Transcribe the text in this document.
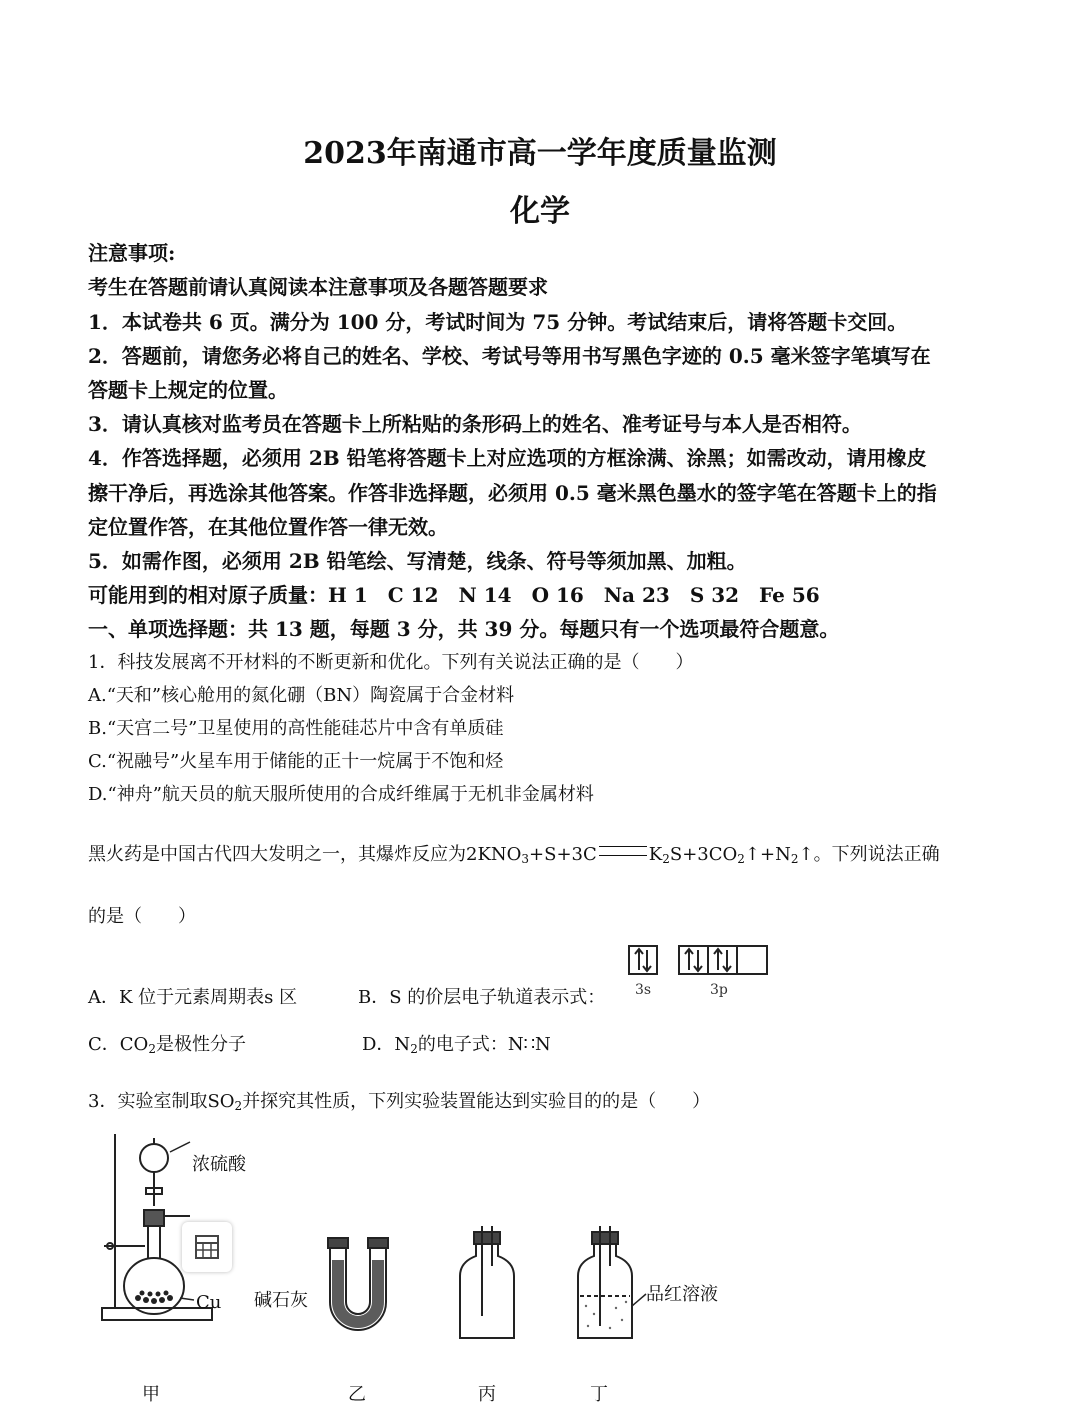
2023年南通市高一学年度质量监测
化学
注意事项:
考生在答题前请认真阅读本注意事项及各题答题要求
1．本试卷共 6 页。满分为 100 分，考试时间为 75 分钟。考试结束后，请将答题卡交回。
2．答题前，请您务必将自己的姓名、学校、考试号等用书写黑色字迹的 0.5 毫米签字笔填写在
答题卡上规定的位置。
3．请认真核对监考员在答题卡上所粘贴的条形码上的姓名、准考证号与本人是否相符。
4．作答选择题，必须用 2B 铅笔将答题卡上对应选项的方框涂满、涂黑；如需改动，请用橡皮
擦干净后，再选涂其他答案。作答非选择题，必须用 0.5 毫米黑色墨水的签字笔在答题卡上的指
定位置作答，在其他位置作答一律无效。
5．如需作图，必须用 2B 铅笔绘、写清楚，线条、符号等须加黑、加粗。
可能用到的相对原子质量：H 1　C 12　N 14　O 16　Na 23　S 32　Fe 56
一、单项选择题：共 13 题，每题 3 分，共 39 分。每题只有一个选项最符合题意。
1．科技发展离不开材料的不断更新和优化。下列有关说法正确的是（　　）
A.“天和”核心舱用的氮化硼（BN）陶瓷属于合金材料
B.“天宫二号”卫星使用的高性能硅芯片中含有单质硅
C.“祝融号”火星车用于储能的正十一烷属于不饱和烃
D.“神舟”航天员的航天服所使用的合成纤维属于无机非金属材料
黑火药是中国古代四大发明之一，其爆炸反应为$2KNO_3+S+3C$	$K_2S+3CO_2↑+N_2↑$。下列说法正确
的是（　　）
A．K 位于元素周期表s 区	B．S 的价层电子轨道表示式： 3s	3p
C．$CO_2$是极性分子	D．$N_2$的电子式：N∷N
3．实验室制取$SO_2$并探究其性质，下列实验装置能达到实验目的的是（　　）
浓硫酸
Cu 碱石灰	品红溶液
甲	乙	丙	丁
